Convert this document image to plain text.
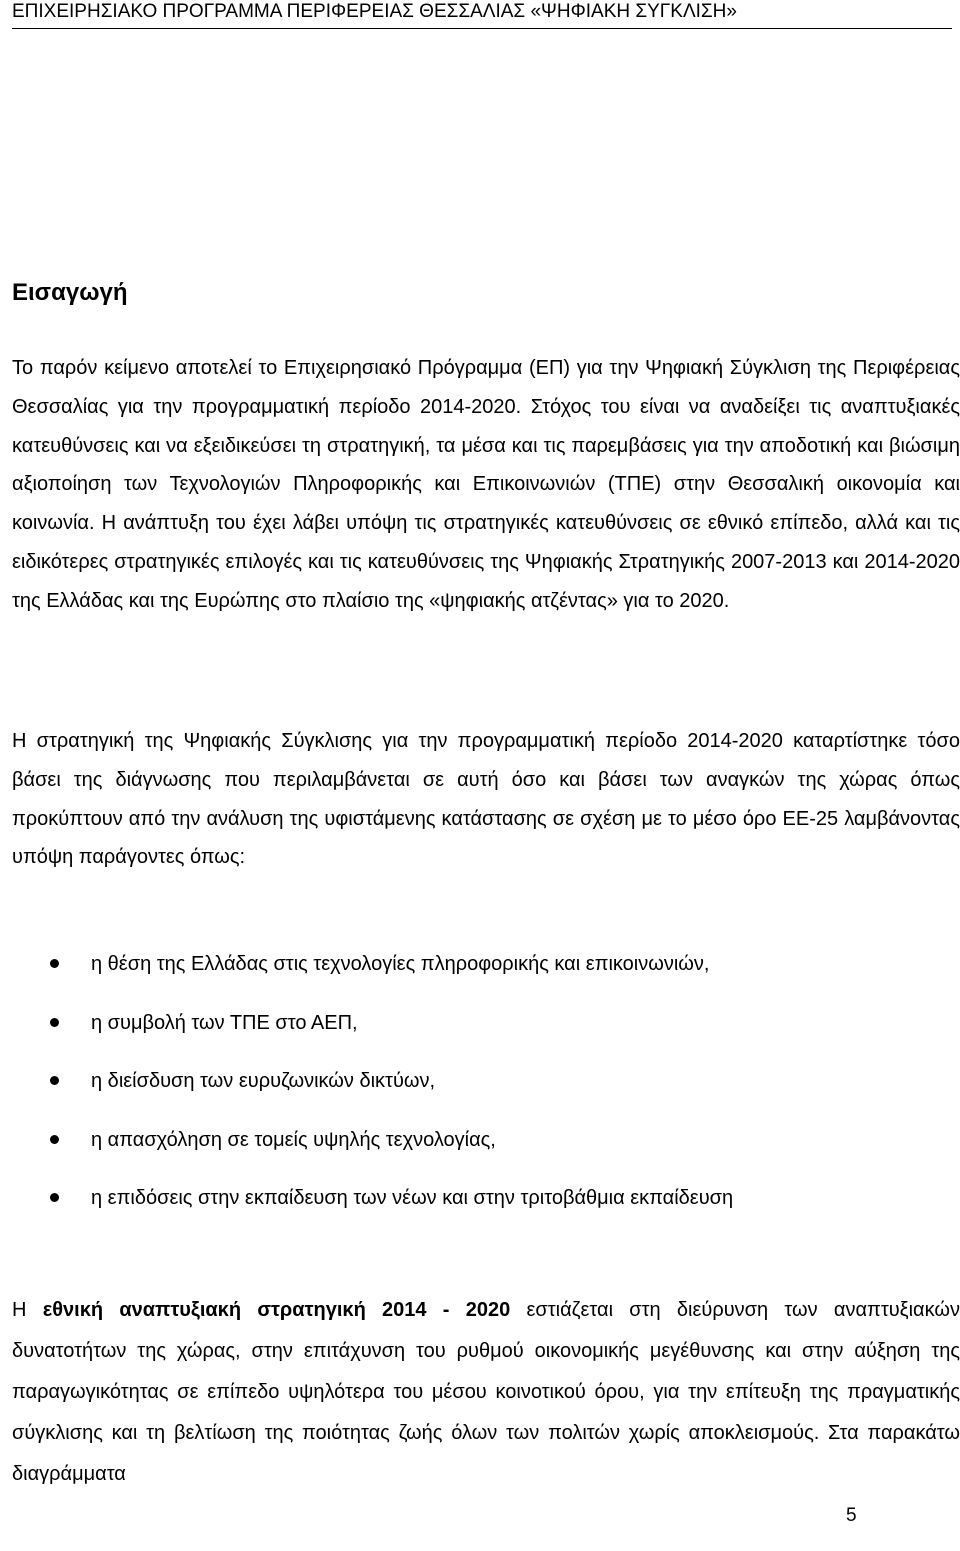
ΕΠΙΧΕΙΡΗΣΙΑΚΟ ΠΡΟΓΡΑΜΜΑ ΠΕΡΙΦΕΡΕΙΑΣ ΘΕΣΣΑΛΙΑΣ «ΨΗΦΙΑΚΗ ΣΥΓΚΛΙΣΗ»
Εισαγωγή

Το παρόν κείμενο αποτελεί το Επιχειρησιακό Πρόγραμμα (ΕΠ) για την Ψηφιακή Σύγκλιση της Περιφέρειας Θεσσαλίας για την προγραμματική περίοδο 2014-2020. Στόχος του είναι να αναδείξει τις αναπτυξιακές κατευθύνσεις και να εξειδικεύσει τη στρατηγική, τα μέσα και τις παρεμβάσεις για την αποδοτική και βιώσιμη αξιοποίηση των Τεχνολογιών Πληροφορικής και Επικοινωνιών (ΤΠΕ) στην Θεσσαλική οικονομία και κοινωνία. Η ανάπτυξη του έχει λάβει υπόψη τις στρατηγικές κατευθύνσεις σε εθνικό επίπεδο, αλλά και τις ειδικότερες στρατηγικές επιλογές και τις κατευθύνσεις της Ψηφιακής Στρατηγικής 2007-2013 και 2014-2020 της Ελλάδας και της Ευρώπης στο πλαίσιο της «ψηφιακής ατζέντας» για το 2020.

Η στρατηγική της Ψηφιακής Σύγκλισης για την προγραμματική περίοδο 2014-2020 καταρτίστηκε τόσο βάσει της διάγνωσης που περιλαμβάνεται σε αυτή όσο και βάσει των αναγκών της χώρας όπως προκύπτουν από την ανάλυση της υφιστάμενης κατάστασης σε σχέση με το μέσο όρο ΕΕ-25 λαμβάνοντας υπόψη παράγοντες όπως:

η θέση της Ελλάδας στις τεχνολογίες πληροφορικής και επικοινωνιών,
η συμβολή των ΤΠΕ στο ΑΕΠ,
η διείσδυση των ευρυζωνικών δικτύων,
η απασχόληση σε τομείς υψηλής τεχνολογίας,
η επιδόσεις στην εκπαίδευση των νέων και στην τριτοβάθμια εκπαίδευση

Η εθνική αναπτυξιακή στρατηγική 2014 - 2020 εστιάζεται στη διεύρυνση των αναπτυξιακών δυνατοτήτων της χώρας, στην επιτάχυνση του ρυθμού οικονομικής μεγέθυνσης και στην αύξηση της παραγωγικότητας σε επίπεδο υψηλότερα του μέσου κοινοτικού όρου, για την επίτευξη της πραγματικής σύγκλισης και τη βελτίωση της ποιότητας ζωής όλων των πολιτών χωρίς αποκλεισμούς. Στα παρακάτω διαγράμματα

5
